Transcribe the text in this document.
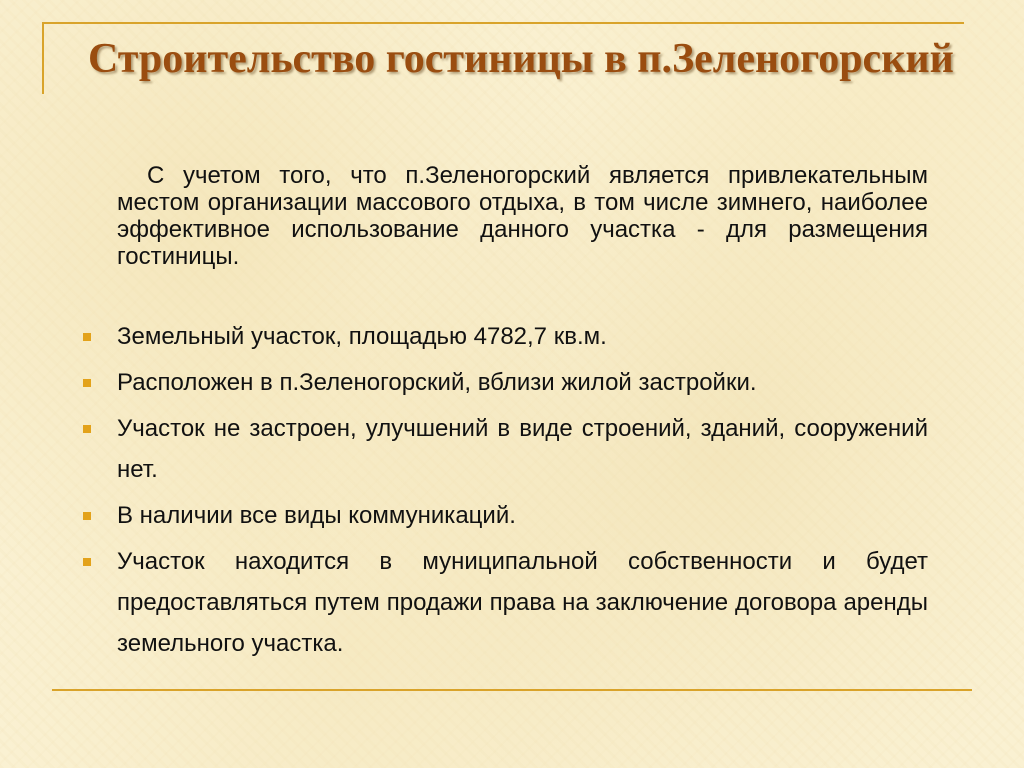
Строительство гостиницы в п.Зеленогорский

С учетом того, что п.Зеленогорский является привлекательным местом организации массового отдыха, в том числе зимнего, наиболее эффективное использование данного участка - для размещения гостиницы.

Земельный участок, площадью 4782,7 кв.м.
Расположен в п.Зеленогорский, вблизи жилой застройки.
Участок не застроен, улучшений в виде строений, зданий, сооружений нет.
В наличии все виды коммуникаций.
Участок находится в муниципальной собственности и будет предоставляться путем продажи права на заключение договора аренды земельного участка.
